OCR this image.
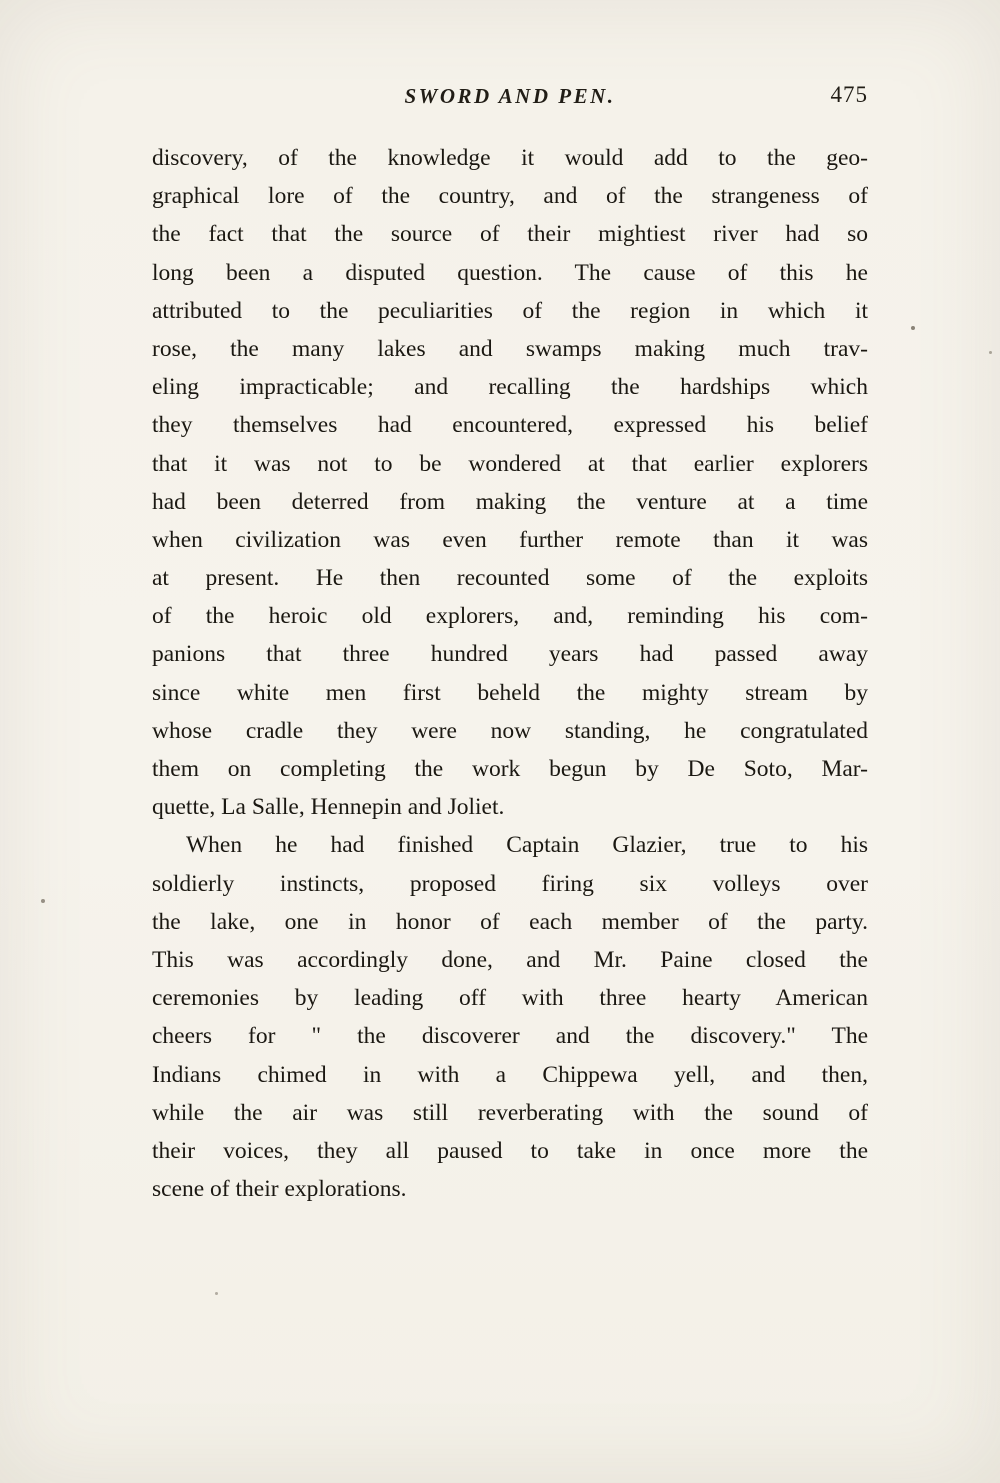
SWORD AND PEN.	475
discovery, of the knowledge it would add to the geo-
graphical lore of the country, and of the strangeness of
the fact that the source of their mightiest river had so
long been a disputed question. The cause of this he
attributed to the peculiarities of the region in which it
rose, the many lakes and swamps making much trav-
eling impracticable; and recalling the hardships which
they themselves had encountered, expressed his belief
that it was not to be wondered at that earlier explorers
had been deterred from making the venture at a time
when civilization was even further remote than it was
at present. He then recounted some of the exploits
of the heroic old explorers, and, reminding his com-
panions that three hundred years had passed away
since white men first beheld the mighty stream by
whose cradle they were now standing, he congratulated
them on completing the work begun by De Soto, Mar-
quette, La Salle, Hennepin and Joliet.
When he had finished Captain Glazier, true to his
soldierly instincts, proposed firing six volleys over
the lake, one in honor of each member of the party.
This was accordingly done, and Mr. Paine closed the
ceremonies by leading off with three hearty American
cheers for " the discoverer and the discovery." The
Indians chimed in with a Chippewa yell, and then,
while the air was still reverberating with the sound of
their voices, they all paused to take in once more the
scene of their explorations.
